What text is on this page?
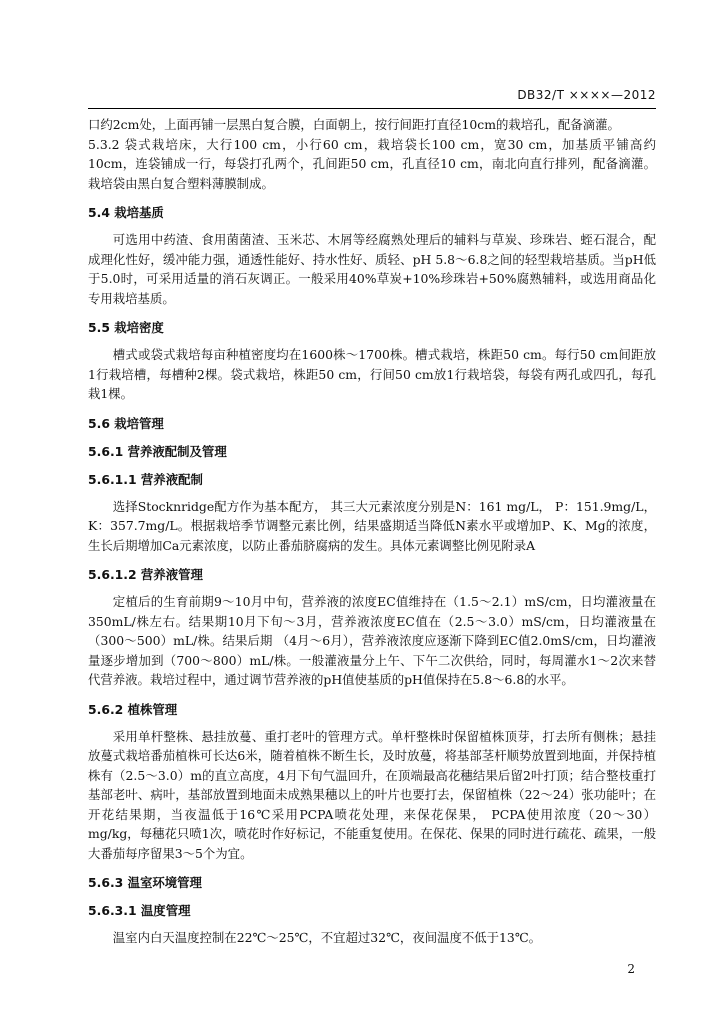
DB32/T ××××—2012

口约2cm处，上面再铺一层黑白复合膜，白面朝上，按行间距打直径10cm的栽培孔，配备滴灌。

5.3.2 袋式栽培床，大行100 cm，小行60 cm，栽培袋长100 cm，宽30 cm，加基质平铺高约10cm，连袋铺成一行，每袋打孔两个，孔间距50 cm，孔直径10 cm，南北向直行排列，配备滴灌。栽培袋由黑白复合塑料薄膜制成。

5.4 栽培基质

可选用中药渣、食用菌菌渣、玉米芯、木屑等经腐熟处理后的辅料与草炭、珍珠岩、蛭石混合，配成理化性好，缓冲能力强，通透性能好、持水性好、质轻、pH 5.8～6.8之间的轻型栽培基质。当pH低于5.0时，可采用适量的消石灰调正。一般采用40%草炭+10%珍珠岩+50%腐熟辅料，或选用商品化专用栽培基质。

5.5 栽培密度

槽式或袋式栽培每亩种植密度均在1600株～1700株。槽式栽培，株距50 cm。每行50 cm间距放1行栽培槽，每槽种2棵。袋式栽培，株距50 cm，行间50 cm放1行栽培袋，每袋有两孔或四孔，每孔栽1棵。

5.6 栽培管理
5.6.1 营养液配制及管理
5.6.1.1 营养液配制

选择Stocknridge配方作为基本配方， 其三大元素浓度分别是N：161 mg/L， P：151.9mg/L，K：357.7mg/L。根据栽培季节调整元素比例，结果盛期适当降低N素水平或增加P、K、Mg的浓度，生长后期增加Ca元素浓度，以防止番茄脐腐病的发生。具体元素调整比例见附录A

5.6.1.2 营养液管理

定植后的生育前期9～10月中旬，营养液的浓度EC值维持在（1.5～2.1）mS/cm，日均灌液量在350mL/株左右。结果期10月下旬～3月，营养液浓度EC值在（2.5～3.0）mS/cm，日均灌液量在（300～500）mL/株。结果后期 （4月～6月），营养液浓度应逐渐下降到EC值2.0mS/cm，日均灌液量逐步增加到（700～800）mL/株。一般灌液量分上午、下午二次供给，同时，每周灌水1～2次来替代营养液。栽培过程中，通过调节营养液的pH值使基质的pH值保持在5.8～6.8的水平。

5.6.2 植株管理

采用单杆整株、悬挂放蔓、重打老叶的管理方式。单杆整株时保留植株顶芽，打去所有侧株；悬挂放蔓式栽培番茄植株可长达6米，随着植株不断生长，及时放蔓，将基部茎杆顺势放置到地面，并保持植株有（2.5～3.0）m的直立高度，4月下旬气温回升，在顶端最高花穗结果后留2叶打顶；结合整枝重打基部老叶、病叶，基部放置到地面未成熟果穗以上的叶片也要打去，保留植株（22～24）张功能叶；在开花结果期，当夜温低于16℃采用PCPA喷花处理，来保花保果， PCPA使用浓度（20～30）mg/kg，每穗花只喷1次，喷花时作好标记，不能重复使用。在保花、保果的同时进行疏花、疏果，一般大番茄每序留果3～5个为宜。

5.6.3 温室环境管理
5.6.3.1 温度管理

温室内白天温度控制在22℃～25℃，不宜超过32℃，夜间温度不低于13℃。

2
